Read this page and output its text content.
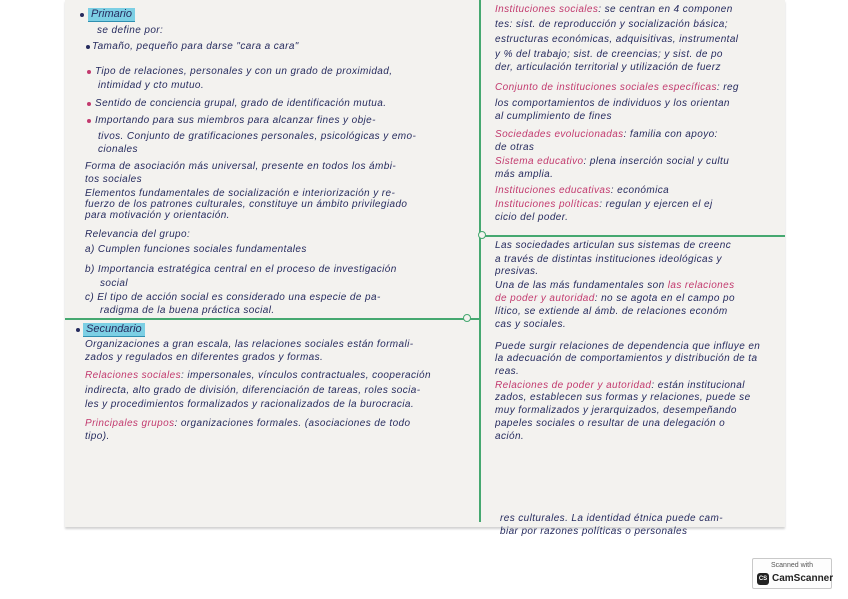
Primario
se define por:
Tamaño, pequeño para darse "cara a cara"
Tipo de relaciones, personales y con un grado de proximidad,
intimidad y cto mutuo.
Sentido de conciencia grupal, grado de identificación mutua.
Importando para sus miembros para alcanzar fines y obje-
tivos. Conjunto de gratificaciones personales, psicológicas y emo-
cionales
Forma de asociación más universal, presente en todos los ámbi-
tos sociales
Elementos fundamentales de socialización e interiorización y re-
fuerzo de los patrones culturales, constituye un ámbito privilegiado
para motivación y orientación.
Relevancia del grupo:
a) Cumplen funciones sociales fundamentales
b) Importancia estratégica central en el proceso de investigación
social
c) El tipo de acción social es considerado una especie de pa-
radigma de la buena práctica social.
Secundario
Organizaciones a gran escala, las relaciones sociales están formali-
zados y regulados en diferentes grados y formas.
Relaciones sociales: impersonales, vínculos contractuales, cooperación
indirecta, alto grado de división, diferenciación de tareas, roles socia-
les y procedimientos formalizados y racionalizados de la burocracia.
Principales grupos: organizaciones formales. (asociaciones de todo
tipo).
Instituciones sociales: se centran en 4 componen
tes: sist. de reproducción y socialización básica;
estructuras económicas, adquisitivas, instrumental
y % del trabajo; sist. de creencias; y sist. de po
der, articulación territorial y utilización de fuerz
Conjunto de instituciones sociales específicas: reg
los comportamientos de individuos y los orientan
al cumplimiento de fines
Sociedades evolucionadas: familia con apoyo:
de otras
Sistema educativo: plena inserción social y cultu
más amplia.
Instituciones educativas: económica
Instituciones políticas: regulan y ejercen el ej
cicio del poder.
Las sociedades articulan sus sistemas de creenc
a través de distintas instituciones ideológicas y
presivas.
Una de las más fundamentales son las relaciones
de poder y autoridad: no se agota en el campo po
lítico, se extiende al ámb. de relaciones económ
cas y sociales.
Puede surgir relaciones de dependencia que influye en
la adecuación de comportamientos y distribución de ta
reas.
Relaciones de poder y autoridad: están institucional
zados, establecen sus formas y relaciones, puede se
muy formalizados y jerarquizados, desempeñando
papeles sociales o resultar de una delegación o
ación.
res culturales. La identidad étnica puede cam-
biar por razones políticas o personales
Scanned with
CS CamScanner
